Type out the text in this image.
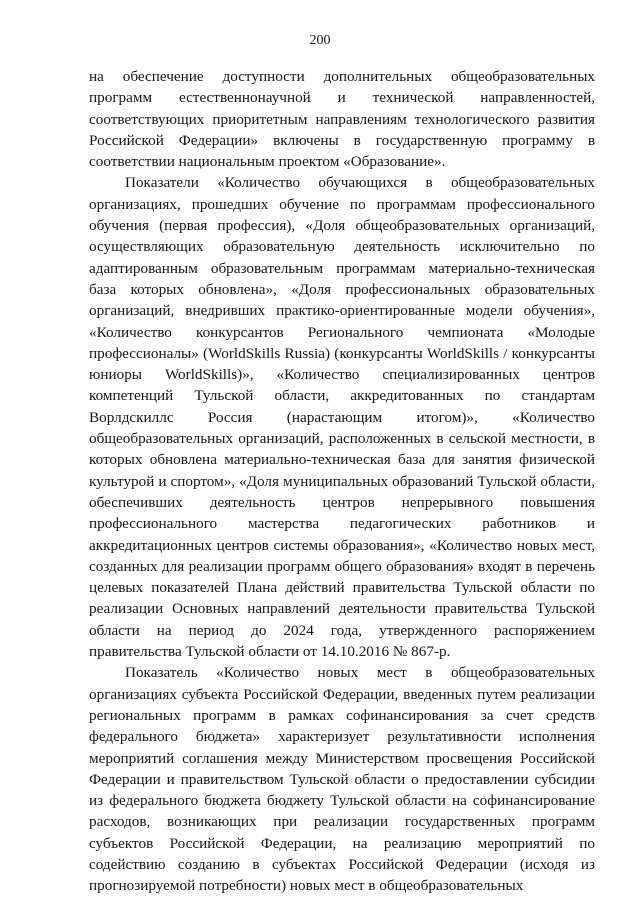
200

на обеспечение доступности дополнительных общеобразовательных программ естественнонаучной и технической направленностей, соответствующих приоритетным направлениям технологического развития Российской Федерации» включены в государственную программу в соответствии национальным проектом «Образование».

Показатели «Количество обучающихся в общеобразовательных организациях, прошедших обучение по программам профессионального обучения (первая профессия), «Доля общеобразовательных организаций, осуществляющих образовательную деятельность исключительно по адаптированным образовательным программам материально-техническая база которых обновлена», «Доля профессиональных образовательных организаций, внедривших практико-ориентированные модели обучения», «Количество конкурсантов Регионального чемпионата «Молодые профессионалы» (WorldSkills Russia) (конкурсанты WorldSkills / конкурсанты юниоры WorldSkills)», «Количество специализированных центров компетенций Тульской области, аккредитованных по стандартам Ворлдскиллс Россия (нарастающим итогом)», «Количество общеобразовательных организаций, расположенных в сельской местности, в которых обновлена материально-техническая база для занятия физической культурой и спортом», «Доля муниципальных образований Тульской области, обеспечивших деятельность центров непрерывного повышения профессионального мастерства педагогических работников и аккредитационных центров системы образования», «Количество новых мест, созданных для реализации программ общего образования» входят в перечень целевых показателей Плана действий правительства Тульской области по реализации Основных направлений деятельности правительства Тульской области на период до 2024 года, утвержденного распоряжением правительства Тульской области от 14.10.2016 № 867-р.

Показатель «Количество новых мест в общеобразовательных организациях субъекта Российской Федерации, введенных путем реализации региональных программ в рамках софинансирования за счет средств федерального бюджета» характеризует результативности исполнения мероприятий соглашения между Министерством просвещения Российской Федерации и правительством Тульской области о предоставлении субсидии из федерального бюджета бюджету Тульской области на софинансирование расходов, возникающих при реализации государственных программ субъектов Российской Федерации, на реализацию мероприятий по содействию созданию в субъектах Российской Федерации (исходя из прогнозируемой потребности) новых мест в общеобразовательных
